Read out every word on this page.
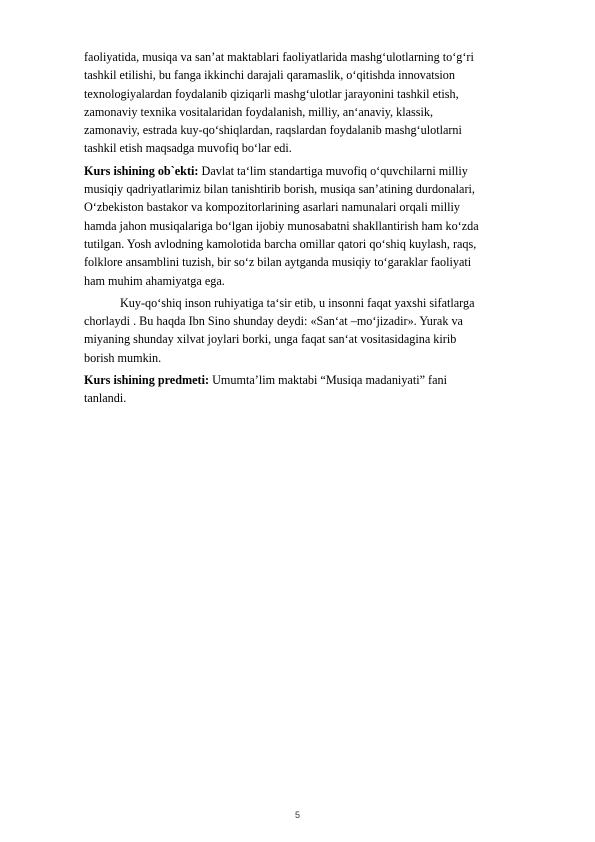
faoliyatida, musiqa va san’at maktablari faoliyatlarida mashg‘ulotlarning to‘g‘ri
tashkil etilishi, bu fanga ikkinchi darajali qaramaslik, o‘qitishda innovatsion
texnologiyalardan foydalanib qiziqarli mashg‘ulotlar jarayonini tashkil etish,
zamonaviy texnika vositalaridan foydalanish, milliy, an‘anaviy, klassik,
zamonaviy, estrada kuy-qo‘shiqlardan, raqslardan foydalanib mashg‘ulotlarni
tashkil etish maqsadga muvofiq bo‘lar edi.
Kurs ishining ob`ekti: Davlat ta‘lim standartiga muvofiq o‘quvchilarni milliy
musiqiy qadriyatlarimiz bilan tanishtirib borish, musiqa san’atining durdonalari,
O‘zbekiston bastakor va kompozitorlarining asarlari namunalari orqali milliy
hamda jahon musiqalariga bo‘lgan ijobiy munosabatni shakllantirish ham ko‘zda
tutilgan. Yosh avlodning kamolotida barcha omillar qatori qo‘shiq kuylash, raqs,
folklore ansamblini tuzish, bir so‘z bilan aytganda musiqiy to‘garaklar faoliyati
ham muhim ahamiyatga ega.
Kuy-qo‘shiq inson ruhiyatiga ta‘sir etib, u insonni faqat yaxshi sifatlarga
chorlaydi . Bu haqda Ibn Sino shunday deydi: «San‘at –mo‘jizadir». Yurak va
miyaning shunday xilvat joylari borki, unga faqat san‘at vositasidagina kirib
borish mumkin.
Kurs ishining predmeti: Umumta’lim maktabi “Musiqa madaniyati” fani
tanlandi.
5
